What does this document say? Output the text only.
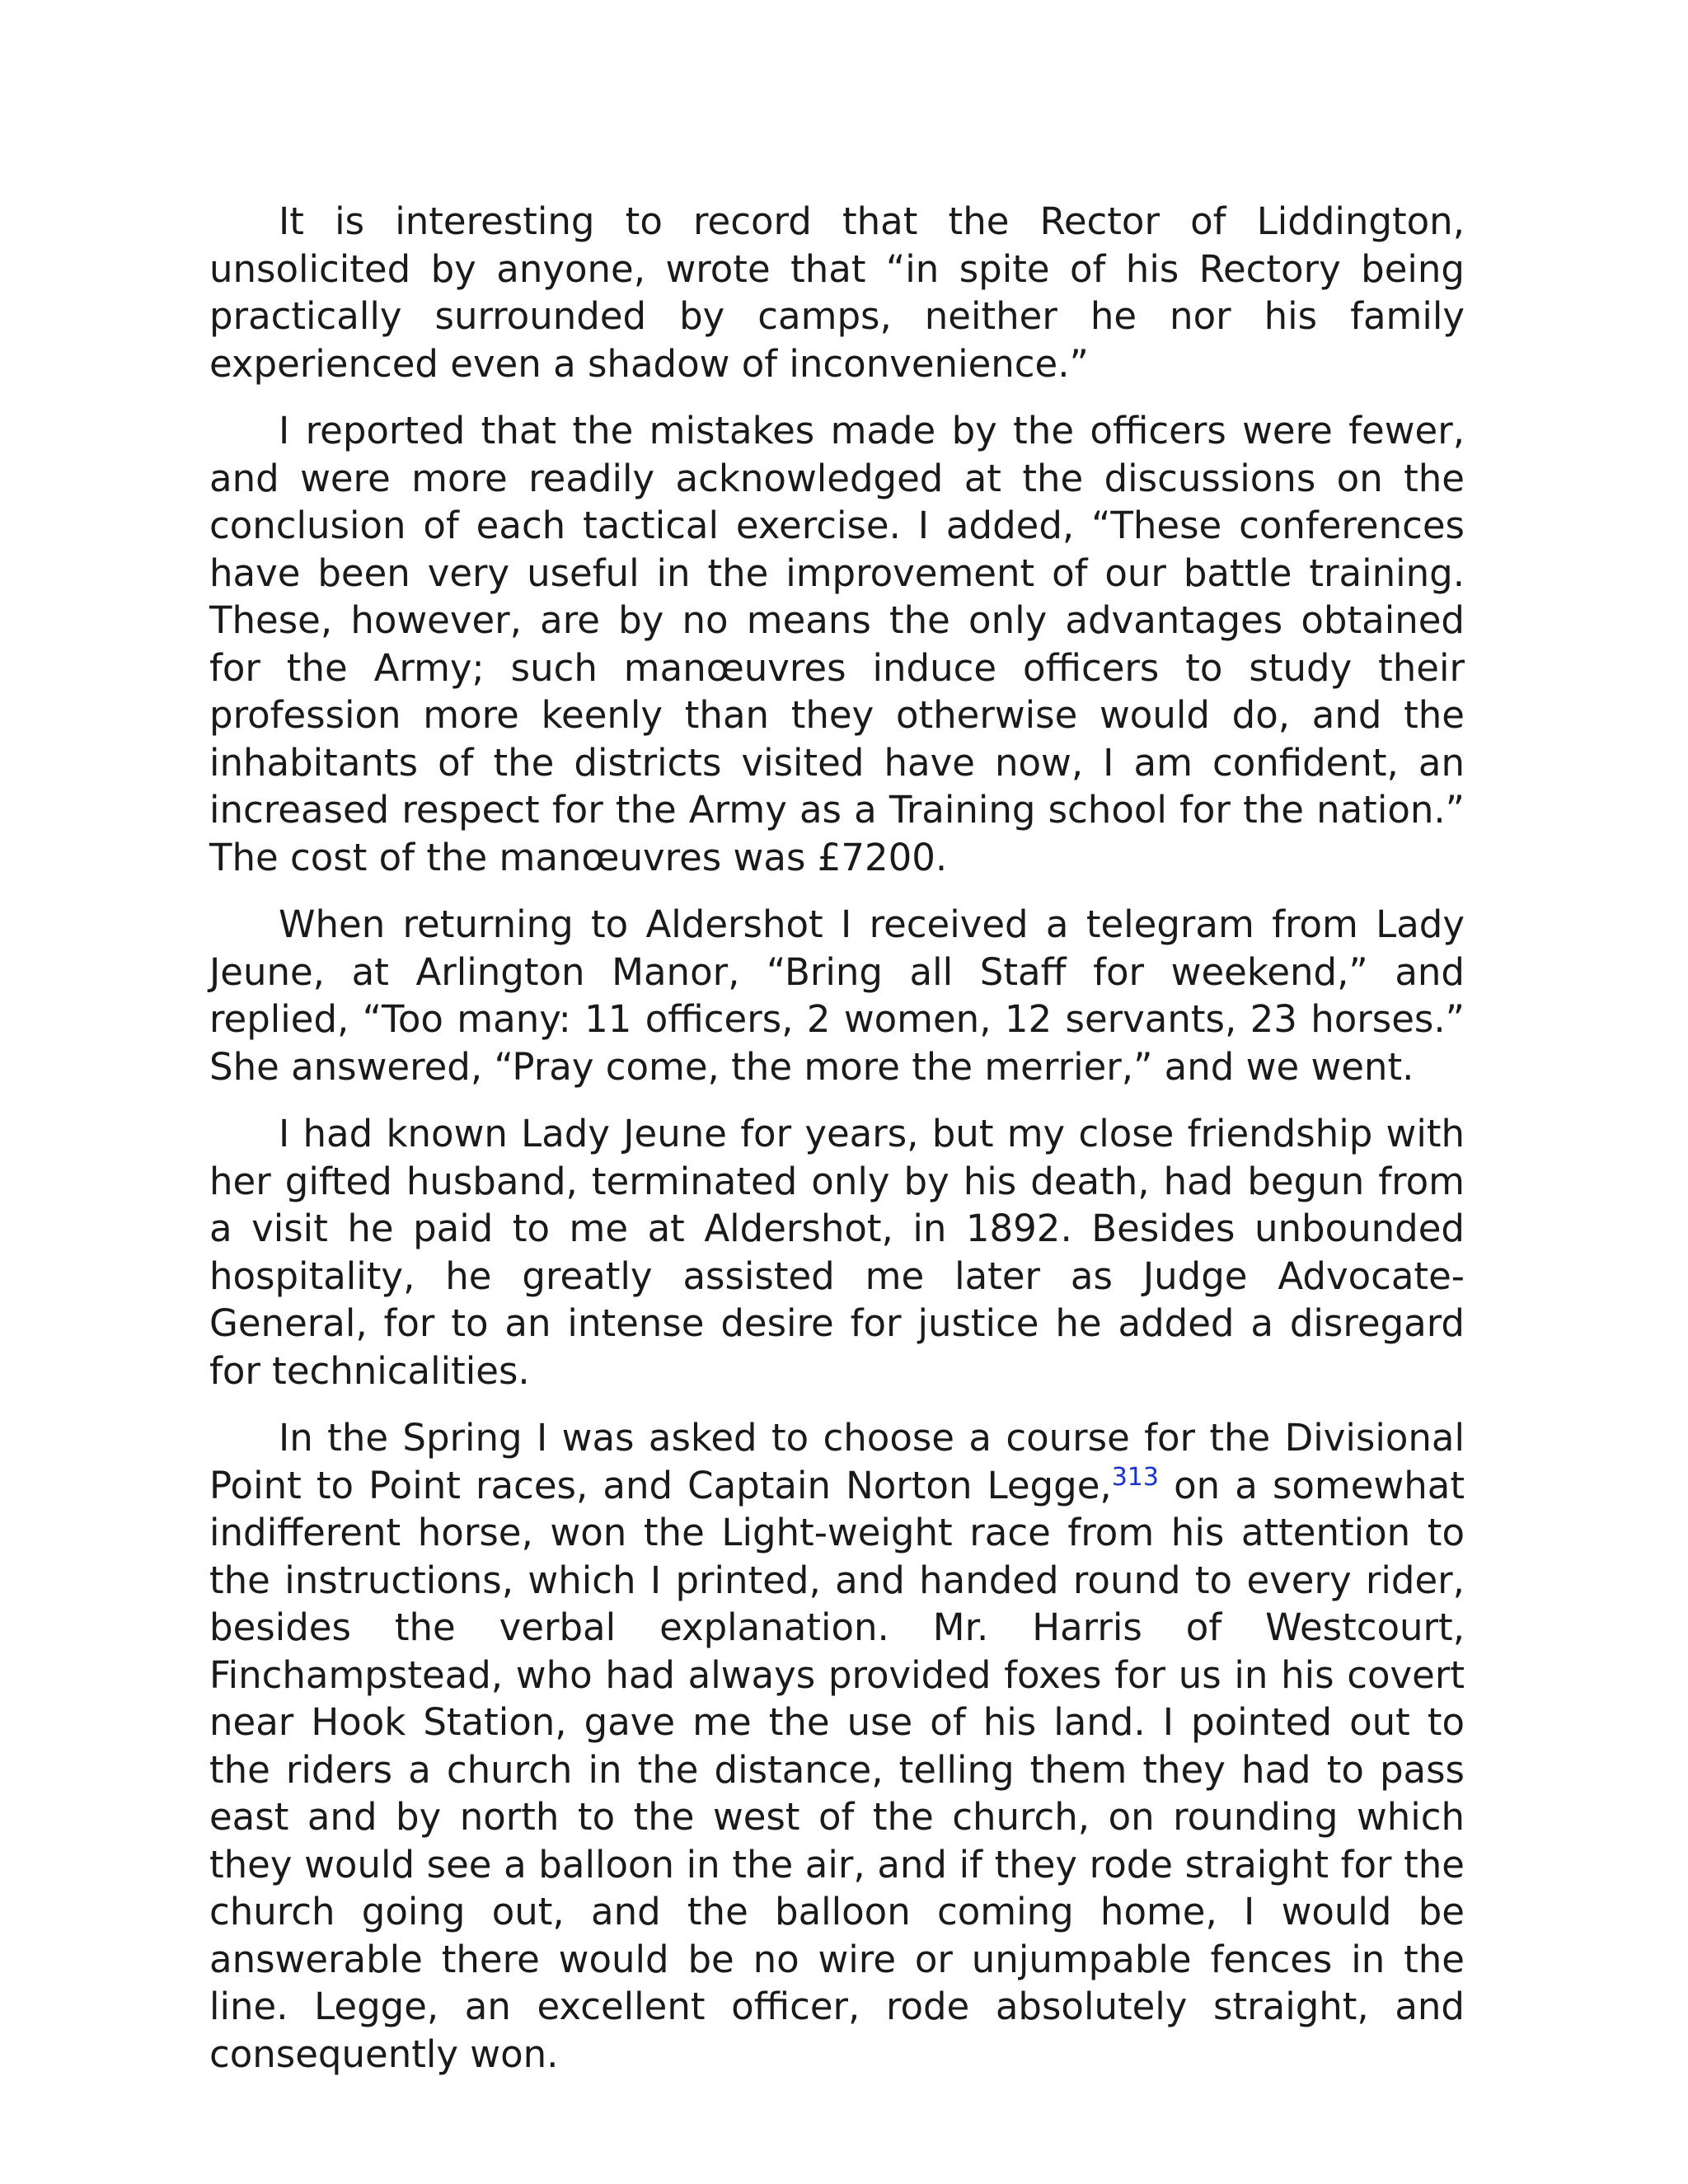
It is interesting to record that the Rector of Liddington, unsolicited by anyone, wrote that “in spite of his Rectory being practically surrounded by camps, neither he nor his family experienced even a shadow of inconvenience.”

I reported that the mistakes made by the officers were fewer, and were more readily acknowledged at the discussions on the conclusion of each tactical exercise. I added, “These conferences have been very useful in the improvement of our battle training. These, however, are by no means the only advantages obtained for the Army; such manœuvres induce officers to study their profession more keenly than they otherwise would do, and the inhabitants of the districts visited have now, I am confident, an increased respect for the Army as a Training school for the nation.” The cost of the manœuvres was £7200.

When returning to Aldershot I received a telegram from Lady Jeune, at Arlington Manor, “Bring all Staff for weekend,” and replied, “Too many: 11 officers, 2 women, 12 servants, 23 horses.” She answered, “Pray come, the more the merrier,” and we went.

I had known Lady Jeune for years, but my close friendship with her gifted husband, terminated only by his death, had begun from a visit he paid to me at Aldershot, in 1892. Besides unbounded hospitality, he greatly assisted me later as Judge Advocate-General, for to an intense desire for justice he added a disregard for technicalities.

In the Spring I was asked to choose a course for the Divisional Point to Point races, and Captain Norton Legge,$^{313}$ on a somewhat indifferent horse, won the Light-weight race from his attention to the instructions, which I printed, and handed round to every rider, besides the verbal explanation. Mr. Harris of Westcourt, Finchampstead, who had always provided foxes for us in his covert near Hook Station, gave me the use of his land. I pointed out to the riders a church in the distance, telling them they had to pass east and by north to the west of the church, on rounding which they would see a balloon in the air, and if they rode straight for the church going out, and the balloon coming home, I would be answerable there would be no wire or unjumpable fences in the line. Legge, an excellent officer, rode absolutely straight, and consequently won.
